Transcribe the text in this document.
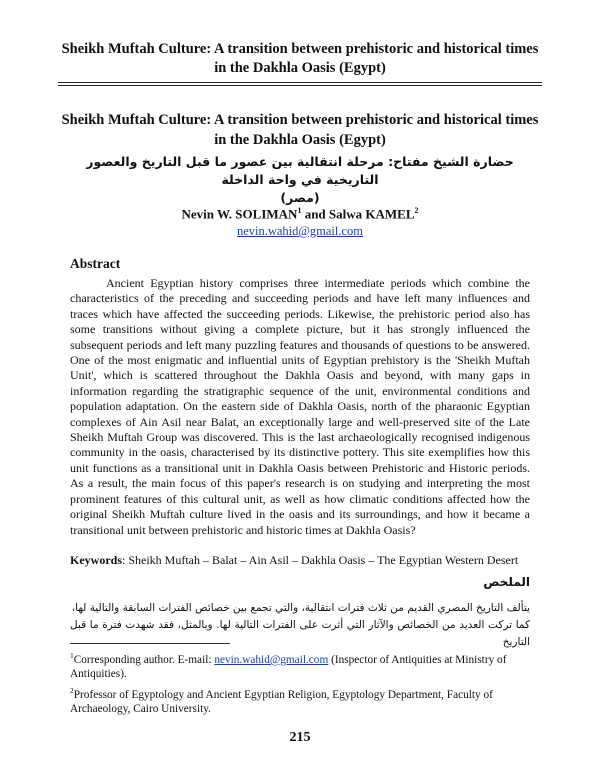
Sheikh Muftah Culture: A transition between prehistoric and historical times
in the Dakhla Oasis (Egypt)
Sheikh Muftah Culture: A transition between prehistoric and historical times
in the Dakhla Oasis (Egypt)
حضارة الشيخ مفتاح: مرحلة انتقالية بين عصور ما قبل التاريخ والعصور التاريخية في واحة الداخلة
(مصر)
Nevin W. SOLIMAN$^1$ and Salwa KAMEL$^2$
nevin.wahid@gmail.com
Abstract
Ancient Egyptian history comprises three intermediate periods which combine the characteristics of the preceding and succeeding periods and have left many influences and traces which have affected the succeeding periods. Likewise, the prehistoric period also has some transitions without giving a complete picture, but it has strongly influenced the subsequent periods and left many puzzling features and thousands of questions to be answered. One of the most enigmatic and influential units of Egyptian prehistory is the 'Sheikh Muftah Unit', which is scattered throughout the Dakhla Oasis and beyond, with many gaps in information regarding the stratigraphic sequence of the unit, environmental conditions and population adaptation. On the eastern side of Dakhla Oasis, north of the pharaonic Egyptian complexes of Ain Asil near Balat, an exceptionally large and well-preserved site of the Late Sheikh Muftah Group was discovered. This is the last archaeologically recognised indigenous community in the oasis, characterised by its distinctive pottery. This site exemplifies how this unit functions as a transitional unit in Dakhla Oasis between Prehistoric and Historic periods. As a result, the main focus of this paper's research is on studying and interpreting the most prominent features of this cultural unit, as well as how climatic conditions affected how the original Sheikh Muftah culture lived in the oasis and its surroundings, and how it became a transitional unit between prehistoric and historic times at Dakhla Oasis?
Keywords: Sheikh Muftah – Balat – Ain Asil – Dakhla Oasis – The Egyptian Western Desert
الملخص
يتألف التاريخ المصري القديم من ثلاث فترات انتقالية، والتي تجمع بين خصائص الفترات السابقة والتالية لها،
كما تركت العديد من الخصائص والآثار التي أثرت على الفترات التالية لها. وبالمثل، فقد شهدت فترة ما قبل التاريخ

$^1$Corresponding author. E-mail: nevin.wahid@gmail.com (Inspector of Antiquities at Ministry of Antiquities).

$^2$Professor of Egyptology and Ancient Egyptian Religion, Egyptology Department, Faculty of Archaeology, Cairo University.

215
